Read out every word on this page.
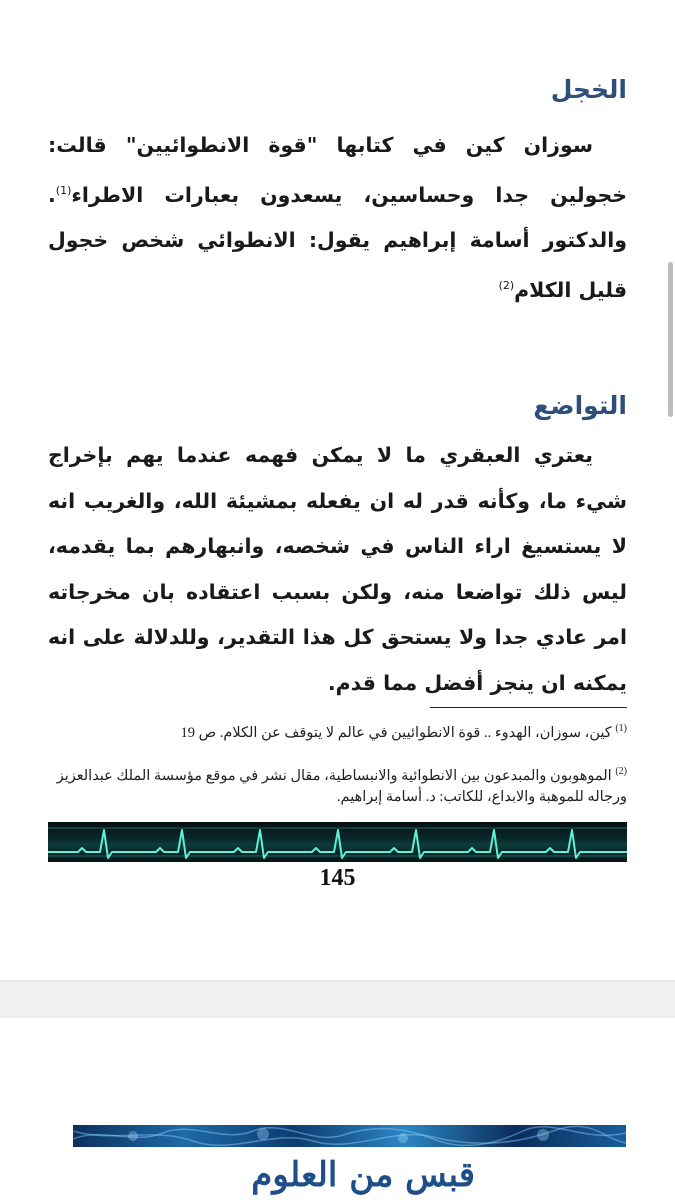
الخجل

سوزان كين في كتابها "قوة الانطوائيين" قالت: خجولين جدا وحساسين، يسعدون بعبارات الاطراء$^{(1)}$. والدكتور أسامة إبراهيم يقول: الانطوائي شخص خجول قليل الكلام$^{(2)}$

التواضع

يعتري العبقري ما لا يمكن فهمه عندما يهم بإخراج شيء ما، وكأنه قدر له ان يفعله بمشيئة الله، والغريب انه لا يستسيغ اراء الناس في شخصه، وانبهارهم بما يقدمه، ليس ذلك تواضعا منه، ولكن بسبب اعتقاده بان مخرجاته امر عادي جدا ولا يستحق كل هذا التقدير، وللدلالة على انه يمكنه ان ينجز أفضل مما قدم.

$^{(1)}$ كين، سوزان، الهدوء .. قوة الانطوائيين في عالم لا يتوقف عن الكلام. ص 19

$^{(2)}$ الموهوبون والمبدعون بين الانطوائية والانبساطية، مقال نشر في موقع مؤسسة الملك عبدالعزيز ورجاله للموهبة والابداع، للكاتب: د. أسامة إبراهيم.

145
قبس من العلوم
